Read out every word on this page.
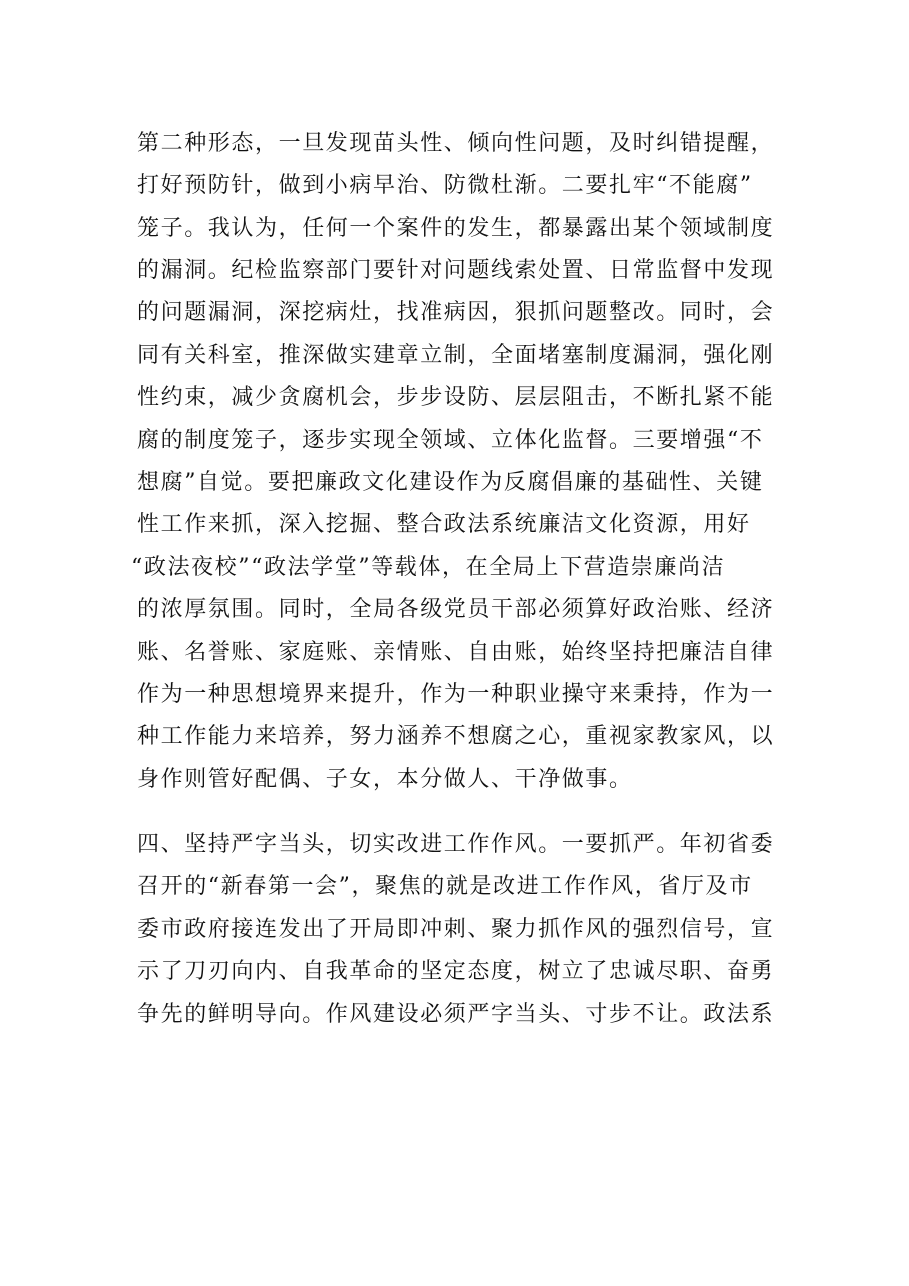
第二种形态，一旦发现苗头性、倾向性问题，及时纠错提醒，
打好预防针，做到小病早治、防微杜渐。二要扎牢“不能腐”
笼子。我认为，任何一个案件的发生，都暴露出某个领域制度
的漏洞。纪检监察部门要针对问题线索处置、日常监督中发现
的问题漏洞，深挖病灶，找准病因，狠抓问题整改。同时，会
同有关科室，推深做实建章立制，全面堵塞制度漏洞，强化刚
性约束，减少贪腐机会，步步设防、层层阻击，不断扎紧不能
腐的制度笼子，逐步实现全领域、立体化监督。三要增强“不
想腐”自觉。要把廉政文化建设作为反腐倡廉的基础性、关键
性工作来抓，深入挖掘、整合政法系统廉洁文化资源，用好
“政法夜校”“政法学堂”等载体，在全局上下营造崇廉尚洁
的浓厚氛围。同时，全局各级党员干部必须算好政治账、经济
账、名誉账、家庭账、亲情账、自由账，始终坚持把廉洁自律
作为一种思想境界来提升，作为一种职业操守来秉持，作为一
种工作能力来培养，努力涵养不想腐之心，重视家教家风，以
身作则管好配偶、子女，本分做人、干净做事。
四、坚持严字当头，切实改进工作作风。一要抓严。年初省委
召开的“新春第一会”，聚焦的就是改进工作作风，省厅及市
委市政府接连发出了开局即冲刺、聚力抓作风的强烈信号，宣
示了刀刃向内、自我革命的坚定态度，树立了忠诚尽职、奋勇
争先的鲜明导向。作风建设必须严字当头、寸步不让。政法系
